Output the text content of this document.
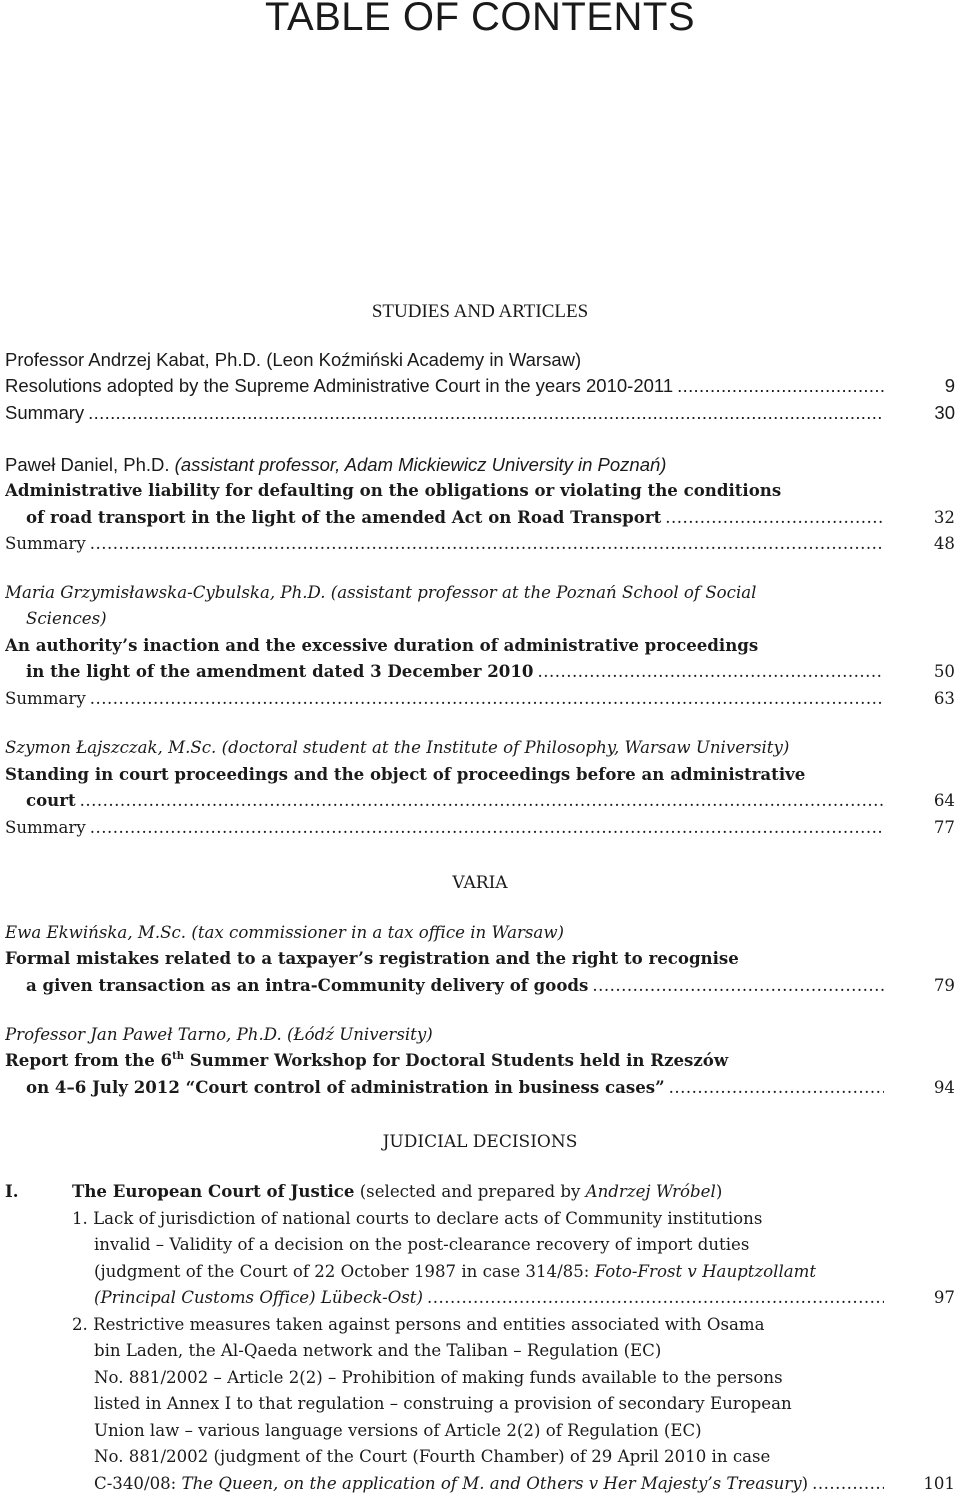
TABLE OF CONTENTS
STUDIES AND ARTICLES
Professor Andrzej Kabat, Ph.D. (Leon Koźmiński Academy in Warsaw)
Resolutions adopted by the Supreme Administrative Court in the years 2010-2011 . . .	9
Summary . . .	30
Paweł Daniel, Ph.D. (assistant professor, Adam Mickiewicz University in Poznań)
Administrative liability for defaulting on the obligations or violating the conditions
of road transport in the light of the amended Act on Road Transport . . .	32
Summary . . .	48
Maria Grzymisławska-Cybulska, Ph.D. (assistant professor at the Poznań School of Social
Sciences)
An authority’s inaction and the excessive duration of administrative proceedings
in the light of the amendment dated 3 December 2010 . . .	50
Summary . . .	63
Szymon Łajszczak, M.Sc. (doctoral student at the Institute of Philosophy, Warsaw University)
Standing in court proceedings and the object of proceedings before an administrative
court . . .	64
Summary . . .	77
VARIA
Ewa Ekwińska, M.Sc. (tax commissioner in a tax office in Warsaw)
Formal mistakes related to a taxpayer’s registration and the right to recognise
a given transaction as an intra-Community delivery of goods . . .	79
Professor Jan Paweł Tarno, Ph.D. (Łódź University)
Report from the 6th Summer Workshop for Doctoral Students held in Rzeszów
on 4–6 July 2012 “Court control of administration in business cases” . . .	94
JUDICIAL DECISIONS
I.	The European Court of Justice (selected and prepared by Andrzej Wróbel)
1. Lack of jurisdiction of national courts to declare acts of Community institutions
invalid – Validity of a decision on the post-clearance recovery of import duties
(judgment of the Court of 22 October 1987 in case 314/85: Foto-Frost v Hauptzollamt
(Principal Customs Office) Lübeck-Ost) . . .	97
2. Restrictive measures taken against persons and entities associated with Osama
bin Laden, the Al-Qaeda network and the Taliban – Regulation (EC)
No. 881/2002 – Article 2(2) – Prohibition of making funds available to the persons
listed in Annex I to that regulation – construing a provision of secondary European
Union law – various language versions of Article 2(2) of Regulation (EC)
No. 881/2002 (judgment of the Court (Fourth Chamber) of 29 April 2010 in case
C-340/08: The Queen, on the application of M. and Others v Her Majesty’s Treasury) . . .	101
